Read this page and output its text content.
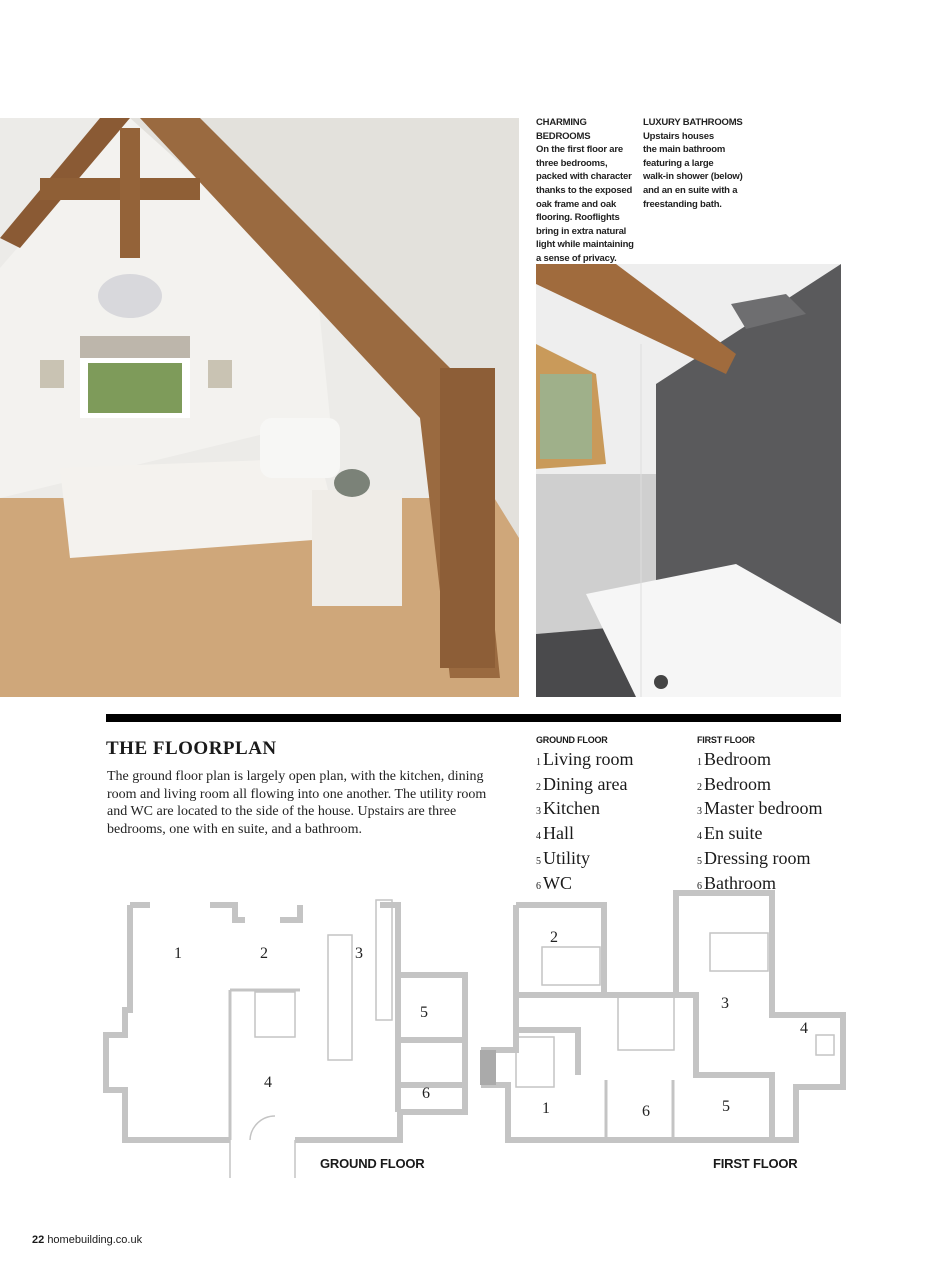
CHARMING BEDROOMS
On the first floor are
three bedrooms,
packed with character
thanks to the exposed
oak frame and oak
flooring. Rooflights
bring in extra natural
light while maintaining
a sense of privacy.
LUXURY BATHROOMS
Upstairs houses
the main bathroom
featuring a large
walk-in shower (below)
and an en suite with a
freestanding bath.
THE FLOORPLAN
The ground floor plan is largely open plan, with the kitchen, dining room and living room all flowing into one another. The utility room and WC are located to the side of the house. Upstairs are three bedrooms, one with en suite, and a bathroom.
GROUND FLOOR
1 Living room
2 Dining area
3 Kitchen
4 Hall
5 Utility
6 WC
FIRST FLOOR
1 Bedroom
2 Bedroom
3 Master bedroom
4 En suite
5 Dressing room
6 Bathroom
1	2	3
4
5
6
GROUND FLOOR
1
2
3
4
5
6
FIRST FLOOR
22 homebuilding.co.uk
